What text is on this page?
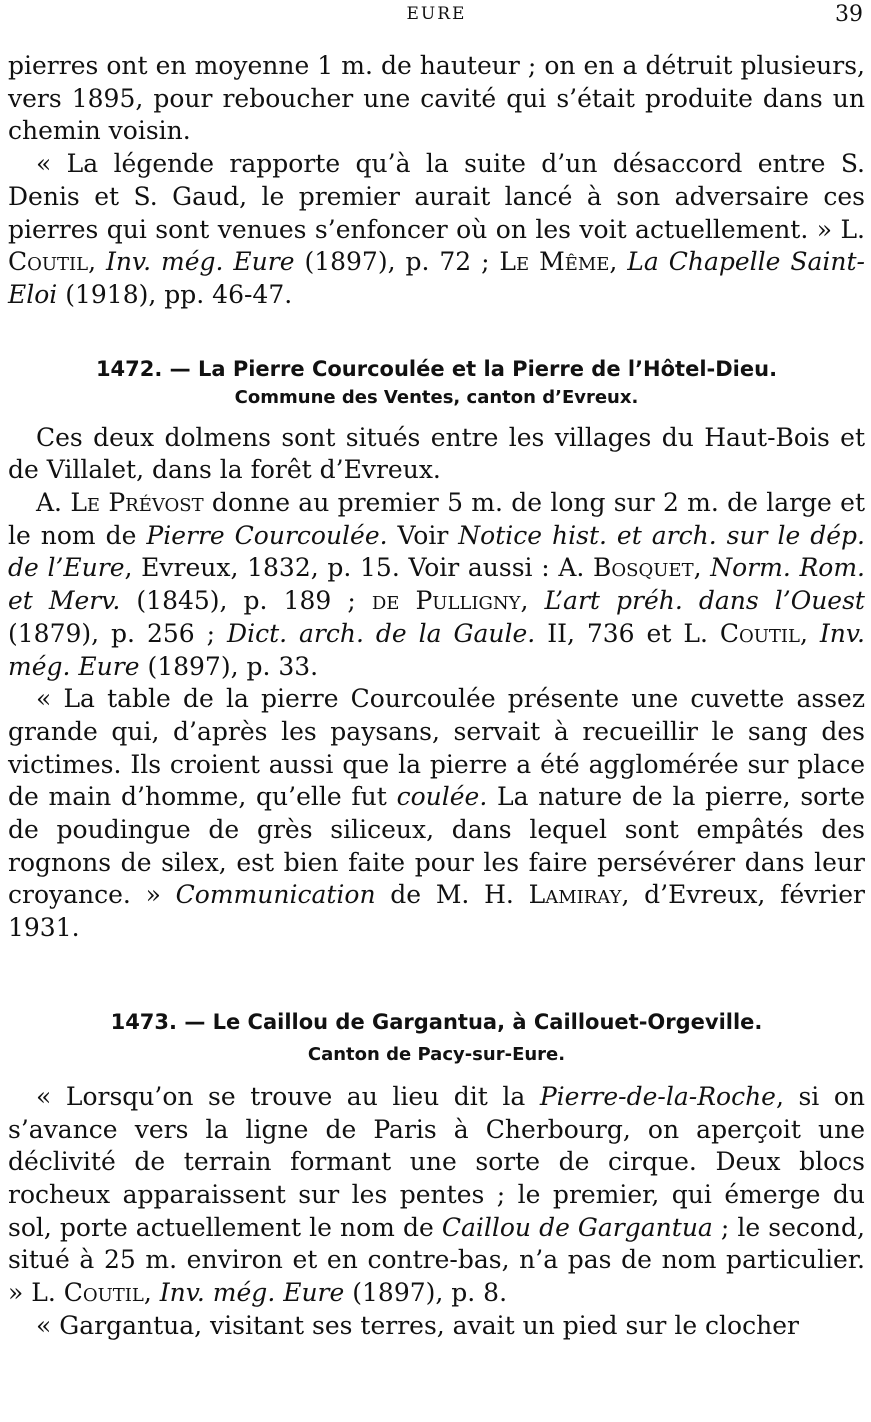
EURE	39

pierres ont en moyenne 1 m. de hauteur ; on en a détruit plusieurs, vers 1895, pour reboucher une cavité qui s’était produite dans un chemin voisin.

« La légende rapporte qu’à la suite d’un désaccord entre S. Denis et S. Gaud, le premier aurait lancé à son adversaire ces pierres qui sont venues s’enfoncer où on les voit actuellement. » L. Coutil, Inv. még. Eure (1897), p. 72 ; Le Même, La Chapelle Saint-Eloi (1918), pp. 46-47.

1472. — La Pierre Courcoulée et la Pierre de l’Hôtel-Dieu.
Commune des Ventes, canton d’Evreux.

Ces deux dolmens sont situés entre les villages du Haut-Bois et de Villalet, dans la forêt d’Evreux.

A. Le Prévost donne au premier 5 m. de long sur 2 m. de large et le nom de Pierre Courcoulée. Voir Notice hist. et arch. sur le dép. de l’Eure, Evreux, 1832, p. 15. Voir aussi : A. Bosquet, Norm. Rom. et Merv. (1845), p. 189 ; de Pulligny, L’art préh. dans l’Ouest (1879), p. 256 ; Dict. arch. de la Gaule. II, 736 et L. Coutil, Inv. még. Eure (1897), p. 33.

« La table de la pierre Courcoulée présente une cuvette assez grande qui, d’après les paysans, servait à recueillir le sang des victimes. Ils croient aussi que la pierre a été agglomérée sur place de main d’homme, qu’elle fut coulée. La nature de la pierre, sorte de poudingue de grès siliceux, dans lequel sont empâtés des rognons de silex, est bien faite pour les faire persévérer dans leur croyance. » Communication de M. H. Lamiray, d’Evreux, février 1931.

1473. — Le Caillou de Gargantua, à Caillouet-Orgeville.
Canton de Pacy-sur-Eure.

« Lorsqu’on se trouve au lieu dit la Pierre-de-la-Roche, si on s’avance vers la ligne de Paris à Cherbourg, on aperçoit une déclivité de terrain formant une sorte de cirque. Deux blocs rocheux apparaissent sur les pentes ; le premier, qui émerge du sol, porte actuellement le nom de Caillou de Gargantua ; le second, situé à 25 m. environ et en contre-bas, n’a pas de nom particulier. » L. Coutil, Inv. még. Eure (1897), p. 8.

« Gargantua, visitant ses terres, avait un pied sur le clocher
